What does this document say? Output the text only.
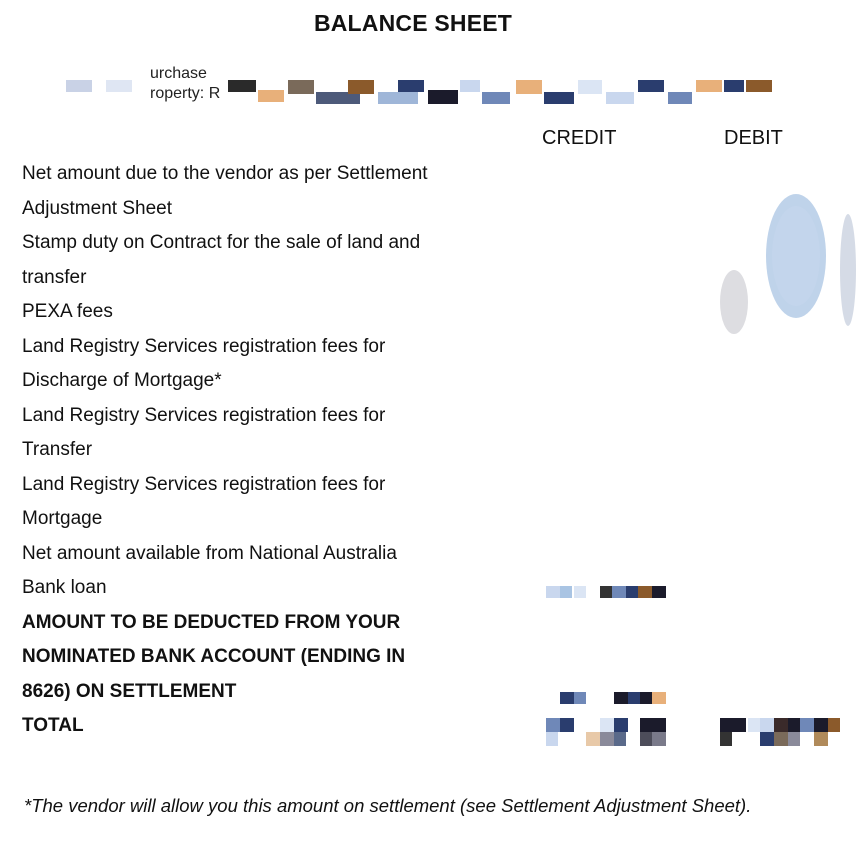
BALANCE SHEET
urchase
roperty: R
CREDIT	DEBIT
Net amount due to the vendor as per Settlement
Adjustment Sheet
Stamp duty on Contract for the sale of land and
transfer
PEXA fees
Land Registry Services registration fees for
Discharge of Mortgage*
Land Registry Services registration fees for
Transfer
Land Registry Services registration fees for
Mortgage
Net amount available from National Australia
Bank loan
AMOUNT TO BE DEDUCTED FROM YOUR
NOMINATED BANK ACCOUNT (ENDING IN
8626) ON SETTLEMENT
TOTAL
*The vendor will allow you this amount on settlement (see Settlement Adjustment Sheet).
